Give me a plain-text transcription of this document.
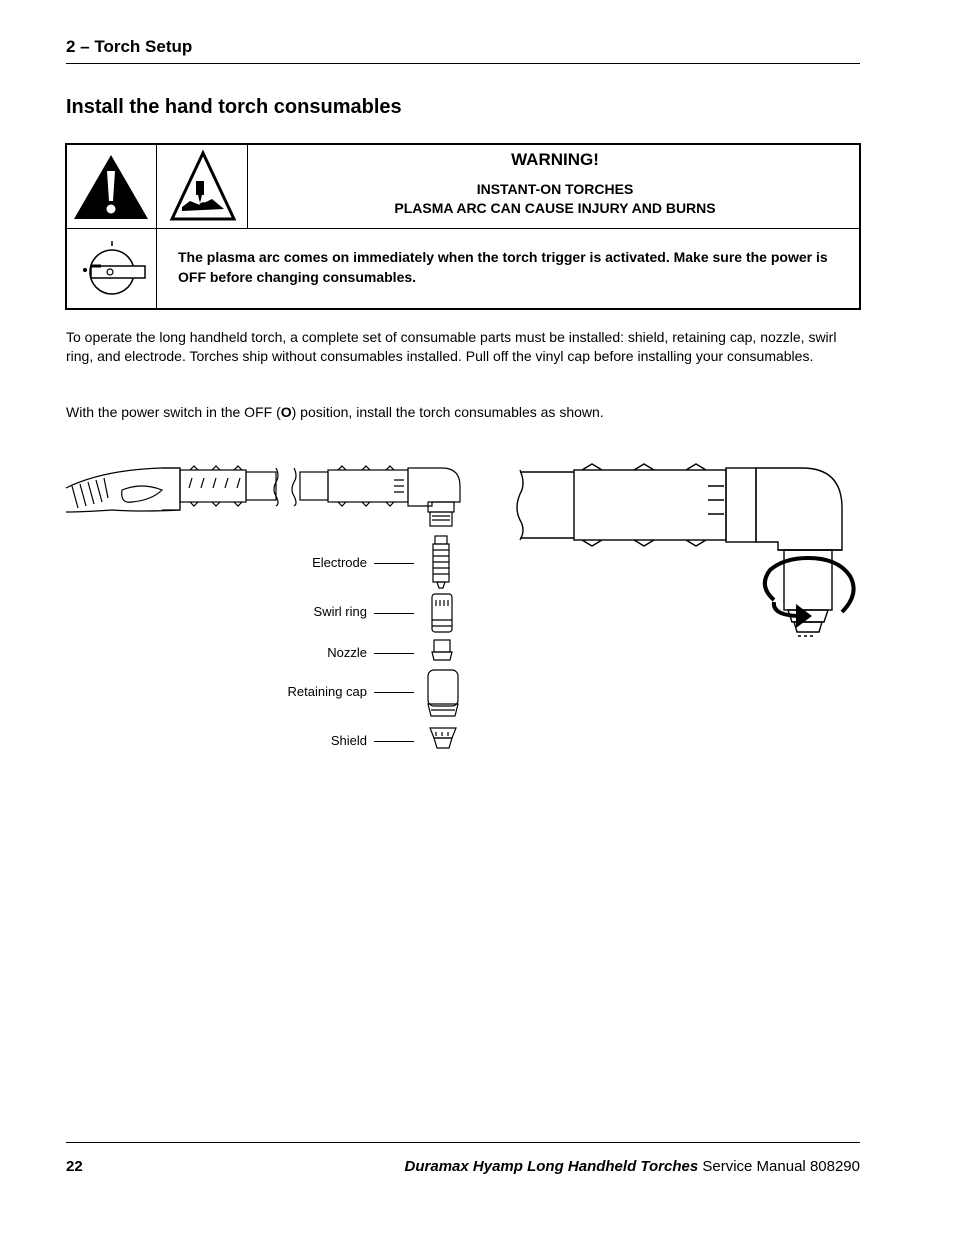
2 – Torch Setup
Install the hand torch consumables
WARNING!
INSTANT-ON TORCHES
PLASMA ARC CAN CAUSE INJURY AND BURNS
The plasma arc comes on immediately when the torch trigger is activated. Make sure the power is OFF before changing consumables.

To operate the long handheld torch, a complete set of consumable parts must be installed: shield, retaining cap, nozzle, swirl ring, and electrode. Torches ship without consumables installed. Pull off the vinyl cap before installing your consumables.

With the power switch in the OFF (O) position, install the torch consumables as shown.

Electrode
Swirl ring
Nozzle
Retaining cap
Shield
22	Duramax Hyamp Long Handheld Torches Service Manual 808290
